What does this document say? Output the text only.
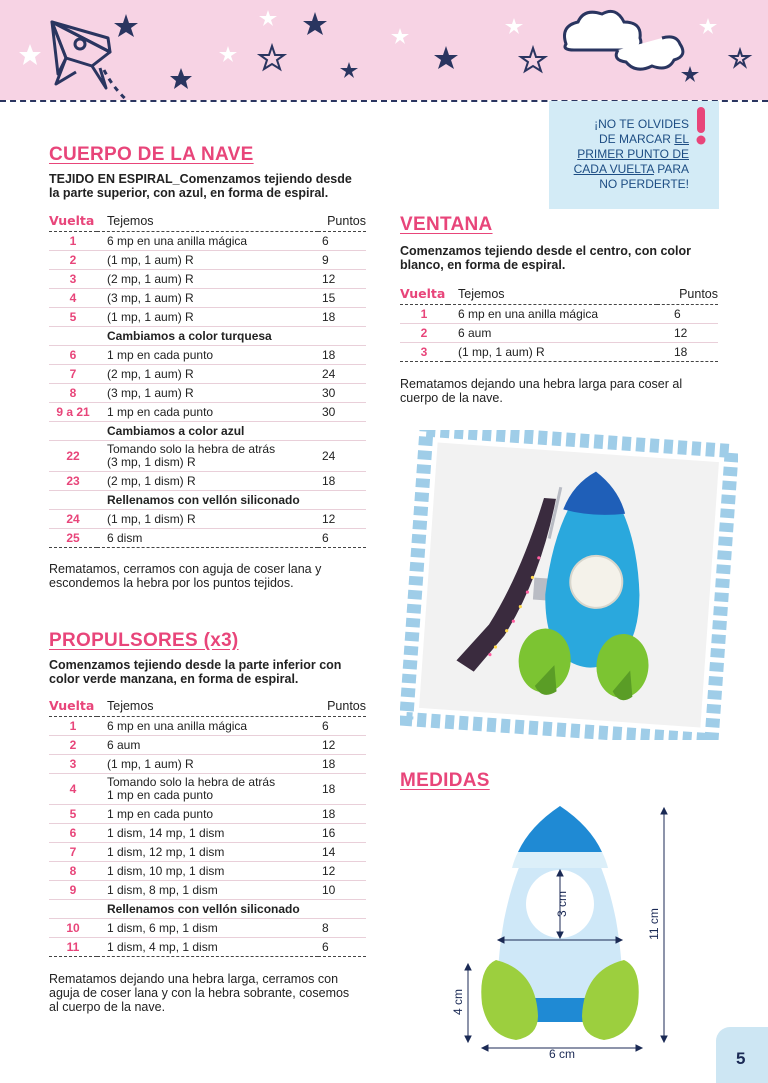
¡NO TE OLVIDES
DE MARCAR EL
PRIMER PUNTO DE
CADA VUELTA PARA
NO PERDERTE!

CUERPO DE LA NAVE

TEJIDO EN ESPIRAL_Comenzamos tejiendo desde
la parte superior, con azul, en forma de espiral.

Vuelta	Tejemos	Puntos
1	6 mp en una anilla mágica	6
2	(1 mp, 1 aum) R	9
3	(2 mp, 1 aum) R	12
4	(3 mp, 1 aum) R	15
5	(1 mp, 1 aum) R	18
	Cambiamos a color turquesa	
6	1 mp en cada punto	18
7	(2 mp, 1 aum) R	24
8	(3 mp, 1 aum) R	30
9 a 21	1 mp en cada punto	30
	Cambiamos a color azul	
22	Tomando solo la hebra de atrás
(3 mp, 1 dism) R	24
23	(2 mp, 1 dism) R	18
	Rellenamos con vellón siliconado	
24	(1 mp, 1 dism) R	12
25	6 dism	6

Rematamos, cerramos con aguja de coser lana y
escondemos la hebra por los puntos tejidos.

PROPULSORES (x3)

Comenzamos tejiendo desde la parte inferior con
color verde manzana, en forma de espiral.

Vuelta	Tejemos	Puntos
1	6 mp en una anilla mágica	6
2	6 aum	12
3	(1 mp, 1 aum) R	18
4	Tomando solo la hebra de atrás
1 mp en cada punto	18
5	1 mp en cada punto	18
6	1 dism, 14 mp, 1 dism	16
7	1 dism, 12 mp, 1 dism	14
8	1 dism, 10 mp, 1 dism	12
9	1 dism, 8 mp, 1 dism	10
	Rellenamos con vellón siliconado	
10	1 dism, 6 mp, 1 dism	8
11	1 dism, 4 mp, 1 dism	6

Rematamos dejando una hebra larga, cerramos con
aguja de coser lana y con la hebra sobrante, cosemos
al cuerpo de la nave.

VENTANA

Comenzamos tejiendo desde el centro, con color
blanco, en forma de espiral.

Vuelta	Tejemos	Puntos
1	6 mp en una anilla mágica	6
2	6 aum	12
3	(1 mp, 1 aum) R	18

Rematamos dejando una hebra larga para coser al
cuerpo de la nave.

MEDIDAS
3 cm
11 cm
4 cm
6 cm	5
